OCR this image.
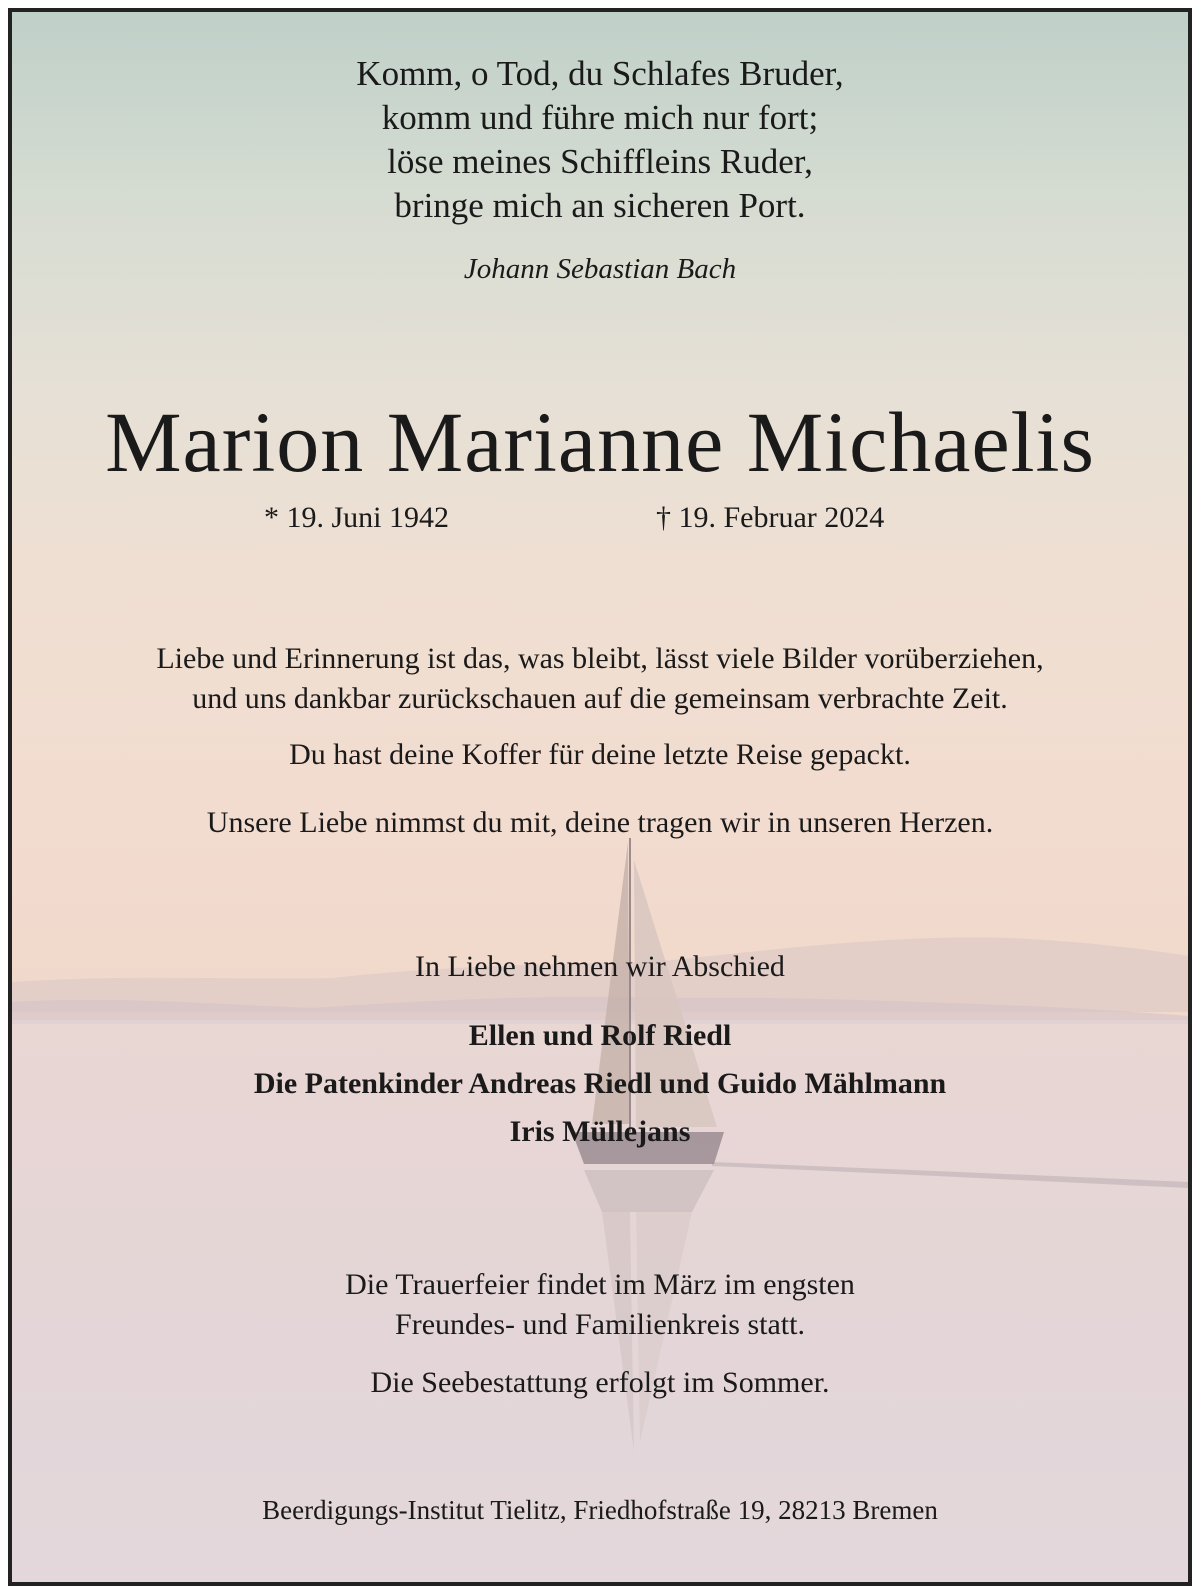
Komm, o Tod, du Schlafes Bruder,
komm und führe mich nur fort;
löse meines Schiffleins Ruder,
bringe mich an sicheren Port.
Johann Sebastian Bach
Marion Marianne Michaelis
* 19. Juni 1942	† 19. Februar 2024
Liebe und Erinnerung ist das, was bleibt, lässt viele Bilder vorüberziehen,
und uns dankbar zurückschauen auf die gemeinsam verbrachte Zeit.
Du hast deine Koffer für deine letzte Reise gepackt.
Unsere Liebe nimmst du mit, deine tragen wir in unseren Herzen.
In Liebe nehmen wir Abschied
Ellen und Rolf Riedl
Die Patenkinder Andreas Riedl und Guido Mählmann
Iris Müllejans
Die Trauerfeier findet im März im engsten
Freundes- und Familienkreis statt.
Die Seebestattung erfolgt im Sommer.
Beerdigungs-Institut Tielitz, Friedhofstraße 19, 28213 Bremen
